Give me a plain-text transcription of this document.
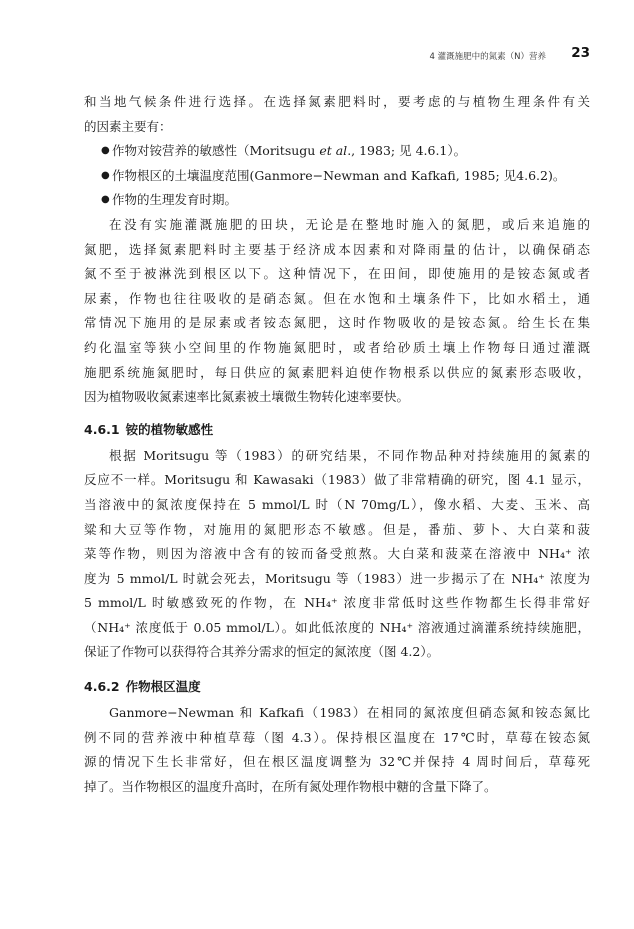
4 灌溉施肥中的氮素（N）营养 23
和当地气候条件进行选择。在选择氮素肥料时，要考虑的与植物生理条件有关
的因素主要有：
● 作物对铵营养的敏感性（Moritsugu et al., 1983; 见 4.6.1）。
● 作物根区的土壤温度范围(Ganmore−Newman and Kafkafi, 1985; 见4.6.2)。
● 作物的生理发育时期。
在没有实施灌溉施肥的田块，无论是在整地时施入的氮肥，或后来追施的
氮肥，选择氮素肥料时主要基于经济成本因素和对降雨量的估计，以确保硝态
氮不至于被淋洗到根区以下。这种情况下，在田间，即使施用的是铵态氮或者
尿素，作物也往往吸收的是硝态氮。但在水饱和土壤条件下，比如水稻土，通
常情况下施用的是尿素或者铵态氮肥，这时作物吸收的是铵态氮。给生长在集
约化温室等狭小空间里的作物施氮肥时，或者给砂质土壤上作物每日通过灌溉
施肥系统施氮肥时，每日供应的氮素肥料迫使作物根系以供应的氮素形态吸收，
因为植物吸收氮素速率比氮素被土壤微生物转化速率要快。
4.6.1 铵的植物敏感性
根据 Moritsugu 等（1983）的研究结果，不同作物品种对持续施用的氮素的
反应不一样。Moritsugu 和 Kawasaki（1983）做了非常精确的研究，图 4.1 显示，
当溶液中的氮浓度保持在 5 mmol/L 时（N 70mg/L），像水稻、大麦、玉米、高
粱和大豆等作物，对施用的氮肥形态不敏感。但是，番茄、萝卜、大白菜和菠
菜等作物，则因为溶液中含有的铵而备受煎熬。大白菜和菠菜在溶液中 NH₄⁺ 浓
度为 5 mmol/L 时就会死去，Moritsugu 等（1983）进一步揭示了在 NH₄⁺ 浓度为
5 mmol/L 时敏感致死的作物，在 NH₄⁺ 浓度非常低时这些作物都生长得非常好
（NH₄⁺ 浓度低于 0.05 mmol/L）。如此低浓度的 NH₄⁺ 溶液通过滴灌系统持续施肥，
保证了作物可以获得符合其养分需求的恒定的氮浓度（图 4.2）。
4.6.2 作物根区温度
Ganmore−Newman 和 Kafkafi（1983）在相同的氮浓度但硝态氮和铵态氮比
例不同的营养液中种植草莓（图 4.3）。保持根区温度在 17℃时，草莓在铵态氮
源的情况下生长非常好，但在根区温度调整为 32℃并保持 4 周时间后，草莓死
掉了。当作物根区的温度升高时，在所有氮处理作物根中糖的含量下降了。
